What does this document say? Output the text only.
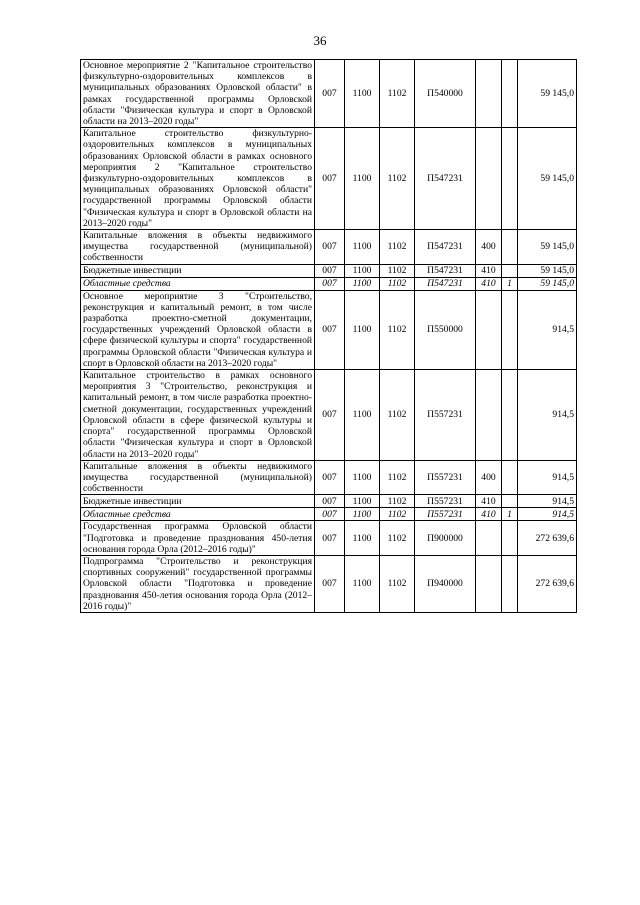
36
Основное мероприятие 2 "Капитальное строительство физкультурно-оздоровительных комплексов в муниципальных образованиях Орловской области" в рамках государственной программы Орловской области "Физическая культура и спорт в Орловской области на 2013–2020 годы"	007	1100	1102	П540000			59 145,0
Капитальное строительство физкультурно-оздоровительных комплексов в муниципальных образованиях Орловской области в рамках основного мероприятия 2 "Капитальное строительство физкультурно-оздоровительных комплексов в муниципальных образованиях Орловской области" государственной программы Орловской области "Физическая культура и спорт в Орловской области на 2013–2020 годы"	007	1100	1102	П547231			59 145,0
Капитальные вложения в объекты недвижимого имущества государственной (муниципальной) собственности	007	1100	1102	П547231	400		59 145,0
Бюджетные инвестиции	007	1100	1102	П547231	410		59 145,0
Областные средства	007	1100	1102	П547231	410	1	59 145,0
Основное мероприятие 3 "Строительство, реконструкция и капитальный ремонт, в том числе разработка проектно-сметной документации, государственных учреждений Орловской области в сфере физической культуры и спорта" государственной программы Орловской области "Физическая культура и спорт в Орловской области на 2013–2020 годы"	007	1100	1102	П550000			914,5
Капитальное строительство в рамках основного мероприятия 3 "Строительство, реконструкция и капитальный ремонт, в том числе разработка проектно-сметной документации, государственных учреждений Орловской области в сфере физической культуры и спорта" государственной программы Орловской области "Физическая культура и спорт в Орловской области на 2013–2020 годы"	007	1100	1102	П557231			914,5
Капитальные вложения в объекты недвижимого имущества государственной (муниципальной) собственности	007	1100	1102	П557231	400		914,5
Бюджетные инвестиции	007	1100	1102	П557231	410		914,5
Областные средства	007	1100	1102	П557231	410	1	914,5
Государственная программа Орловской области "Подготовка и проведение празднования 450-летия основания города Орла (2012–2016 годы)"	007	1100	1102	П900000			272 639,6
Подпрограмма "Строительство и реконструкция спортивных сооружений" государственной программы Орловской области "Подготовка и проведение празднования 450-летия основания города Орла (2012–2016 годы)"	007	1100	1102	П940000			272 639,6
